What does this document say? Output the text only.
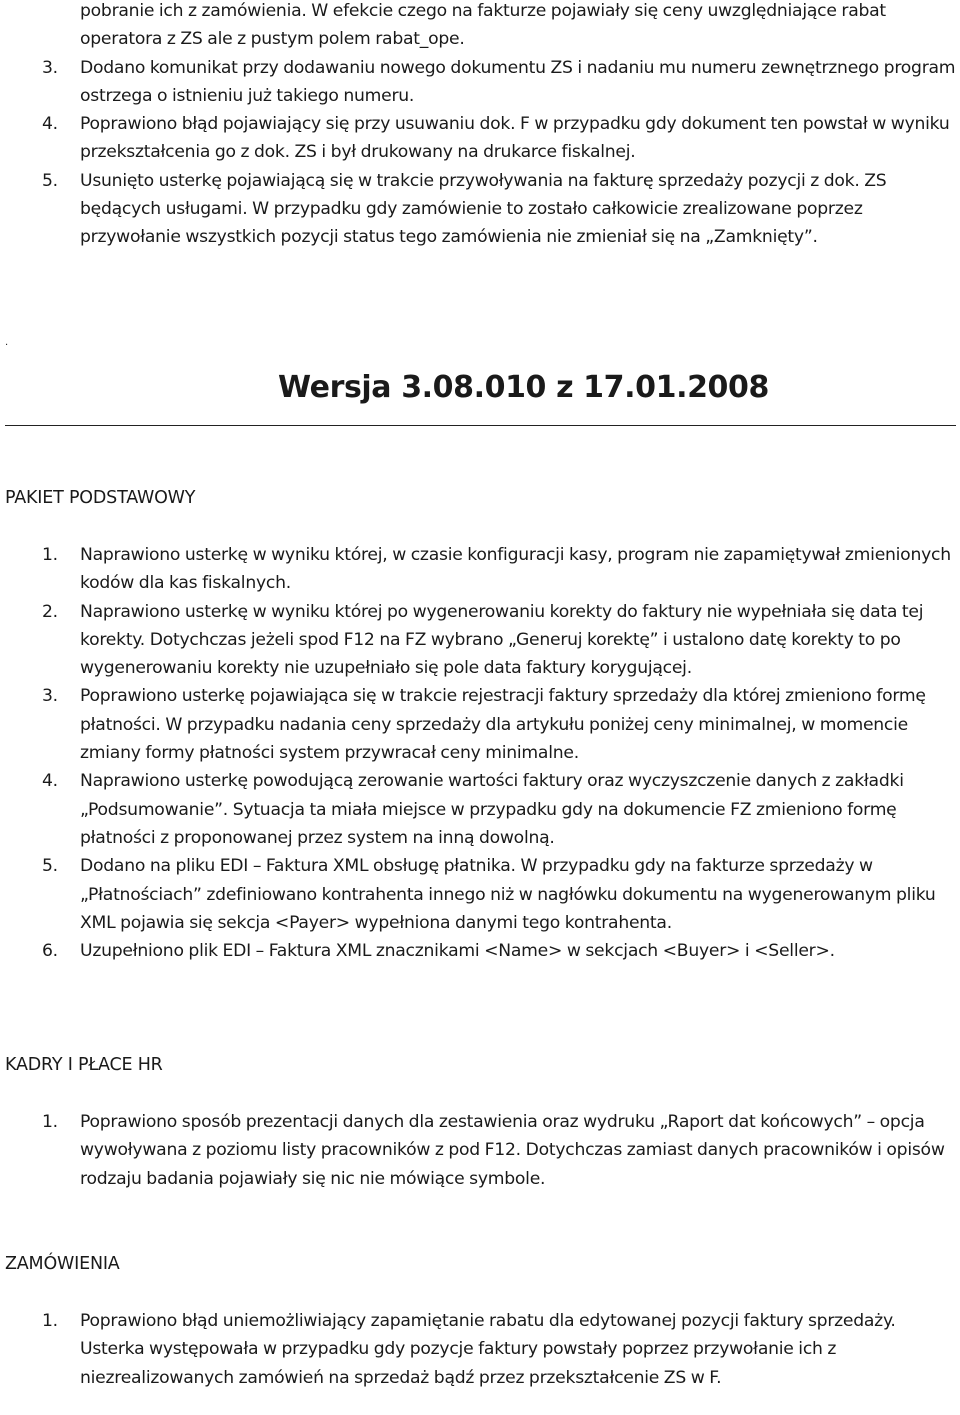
pobranie ich z zamówienia. W efekcie czego na fakturze pojawiały się ceny uwzględniające rabat operatora z ZS ale z pustym polem rabat_ope.
3. Dodano komunikat przy dodawaniu nowego dokumentu ZS i nadaniu mu numeru zewnętrznego program ostrzega o istnieniu już takiego numeru.
4. Poprawiono błąd pojawiający się przy usuwaniu dok. F w przypadku gdy dokument ten powstał w wyniku przekształcenia go z dok. ZS i był drukowany na drukarce fiskalnej.
5. Usunięto usterkę pojawiającą się w trakcie przywoływania na fakturę sprzedaży pozycji z dok. ZS będących usługami. W przypadku gdy zamówienie to zostało całkowicie zrealizowane poprzez przywołanie wszystkich pozycji status tego zamówienia nie zmieniał się na „Zamknięty”.
.
Wersja 3.08.010 z 17.01.2008
PAKIET PODSTAWOWY
1. Naprawiono usterkę w wyniku której, w czasie konfiguracji kasy, program nie zapamiętywał zmienionych kodów dla kas fiskalnych.
2. Naprawiono usterkę w wyniku której po wygenerowaniu korekty do faktury nie wypełniała się data tej korekty. Dotychczas jeżeli spod F12 na FZ wybrano „Generuj korektę” i ustalono datę korekty to po wygenerowaniu korekty nie uzupełniało się pole data faktury korygującej.
3. Poprawiono usterkę pojawiająca się w trakcie rejestracji faktury sprzedaży dla której zmieniono formę płatności. W przypadku nadania ceny sprzedaży dla artykułu poniżej ceny minimalnej, w momencie zmiany formy płatności system przywracał ceny minimalne.
4. Naprawiono usterkę powodującą zerowanie wartości faktury oraz wyczyszczenie danych z zakładki „Podsumowanie”. Sytuacja ta miała miejsce w przypadku gdy na dokumencie FZ zmieniono formę płatności z proponowanej przez system na inną dowolną.
5. Dodano na pliku EDI – Faktura XML obsługę płatnika. W przypadku gdy na fakturze sprzedaży w „Płatnościach” zdefiniowano kontrahenta innego niż w nagłówku dokumentu na wygenerowanym pliku XML pojawia się sekcja <Payer> wypełniona danymi tego kontrahenta.
6. Uzupełniono plik EDI – Faktura XML znacznikami <Name> w sekcjach <Buyer> i <Seller>.
KADRY I PŁACE HR
1. Poprawiono sposób prezentacji danych dla zestawienia oraz wydruku „Raport dat końcowych” – opcja wywoływana z poziomu listy pracowników z pod F12. Dotychczas zamiast danych pracowników i opisów rodzaju badania pojawiały się nic nie mówiące symbole.
ZAMÓWIENIA
1. Poprawiono błąd uniemożliwiający zapamiętanie rabatu dla edytowanej pozycji faktury sprzedaży. Usterka występowała w przypadku gdy pozycje faktury powstały poprzez przywołanie ich z niezrealizowanych zamówień na sprzedaż bądź przez przekształcenie ZS w F.
